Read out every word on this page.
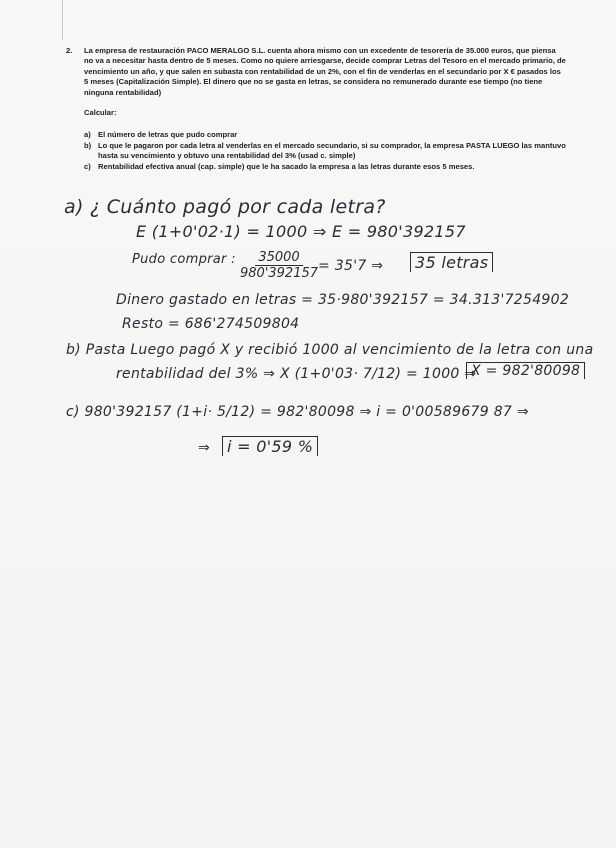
2.	La empresa de restauración PACO MERALGO S.L. cuenta ahora mismo con un excedente de tesorería de 35.000 euros, que piensa no va a necesitar hasta dentro de 5 meses. Como no quiere arriesgarse, decide comprar Letras del Tesoro en el mercado primario, de vencimiento un año, y que salen en subasta con rentabilidad de un 2%, con el fin de venderlas en el secundario por X € pasados los 5 meses (Capitalización Simple). El dinero que no se gasta en letras, se considera no remunerado durante ese tiempo (no tiene ninguna rentabilidad)
Calcular:
a) El número de letras que pudo comprar
b) Lo que le pagaron por cada letra al venderlas en el mercado secundario, si su comprador, la empresa PASTA LUEGO las mantuvo hasta su vencimiento y obtuvo una rentabilidad del 3% (usad c. simple)
c) Rentabilidad efectiva anual (cap. simple) que le ha sacado la empresa a las letras durante esos 5 meses.
a) ¿ Cuánto pagó por cada letra?
E (1+0'02·1) = 1000 ⇒ E = 980'392157
Pudo comprar : $\frac{35000}{980'392157} = 35'7$ ⇒	35 letras
Dinero gastado en letras = 35·980'392157 = 34.313'7254902
Resto = 686'274509804
b) Pasta Luego pagó X y recibió 1000 al vencimiento de la letra con una
rentabilidad del 3% ⇒ X (1+0'03· 7/12) = 1000 ⇒
X = 982'80098
c) 980'392157 (1+i· 5/12) = 982'80098 ⇒ i = 0'00589679 87 ⇒
⇒	i = 0'59 %
